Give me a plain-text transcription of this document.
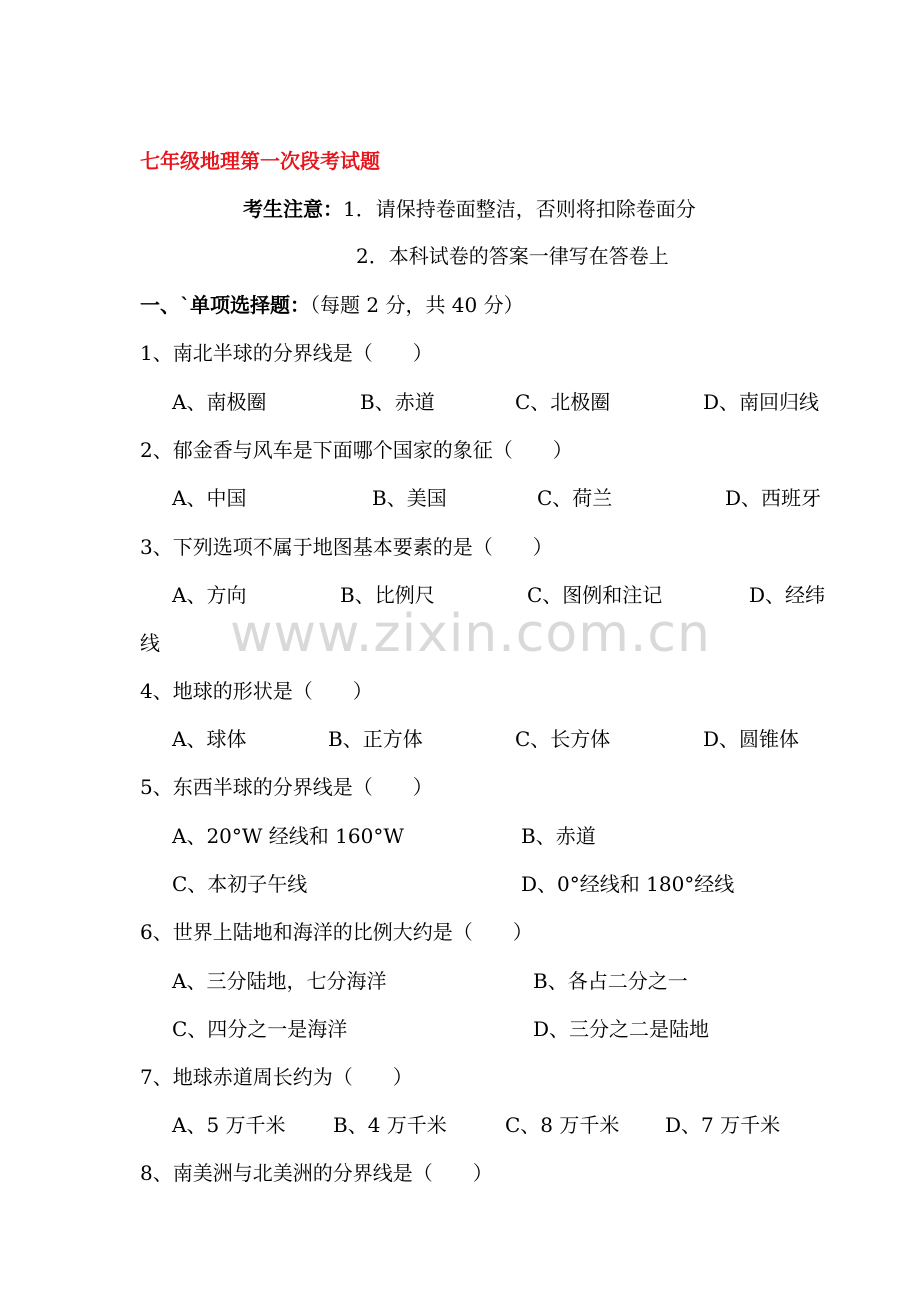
www.zixin.com.cn
七年级地理第一次段考试题
考生注意：1．请保持卷面整洁，否则将扣除卷面分
2．本科试卷的答案一律写在答卷上
一、`单项选择题：（每题 2 分，共 40 分）
1、南北半球的分界线是（　　）
A、南极圈	B、赤道	C、北极圈	D、南回归线
2、郁金香与风车是下面哪个国家的象征（　　）
A、中国	B、美国	C、荷兰	D、西班牙
3、下列选项不属于地图基本要素的是（　　）
A、方向	B、比例尺	C、图例和注记	D、经纬
线
4、地球的形状是（　　）
A、球体	B、正方体	C、长方体	D、圆锥体
5、东西半球的分界线是（　　）
A、20°W 经线和 160°W	B、赤道
C、本初子午线	D、0°经线和 180°经线
6、世界上陆地和海洋的比例大约是（　　）
A、三分陆地，七分海洋	B、各占二分之一
C、四分之一是海洋	D、三分之二是陆地
7、地球赤道周长约为（　　）
A、5 万千米 B、4 万千米	C、8 万千米 D、7 万千米
8、南美洲与北美洲的分界线是（　　）
